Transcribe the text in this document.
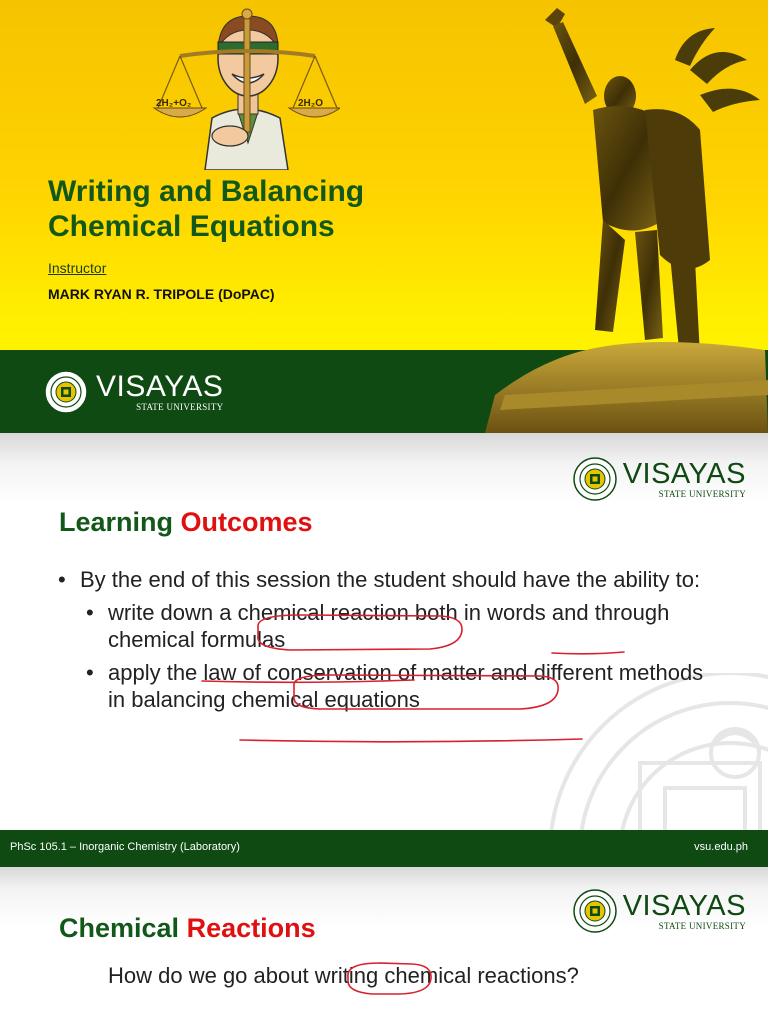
2H₂+O₂	2H₂O
Writing and Balancing
Chemical Equations
Instructor
MARK RYAN R. TRIPOLE (DoPAC)
VISAYAS
STATE UNIVERSITY
VISAYAS
STATE UNIVERSITY
Learning Outcomes
• By the end of this session the student should have the ability to:
• write down a chemical reaction both in words and through chemical formulas
• apply the law of conservation of matter and different methods in balancing chemical equations
PhSc 105.1 – Inorganic Chemistry (Laboratory)	vsu.edu.ph
VISAYAS
STATE UNIVERSITY
Chemical Reactions
How do we go about writing chemical reactions?
